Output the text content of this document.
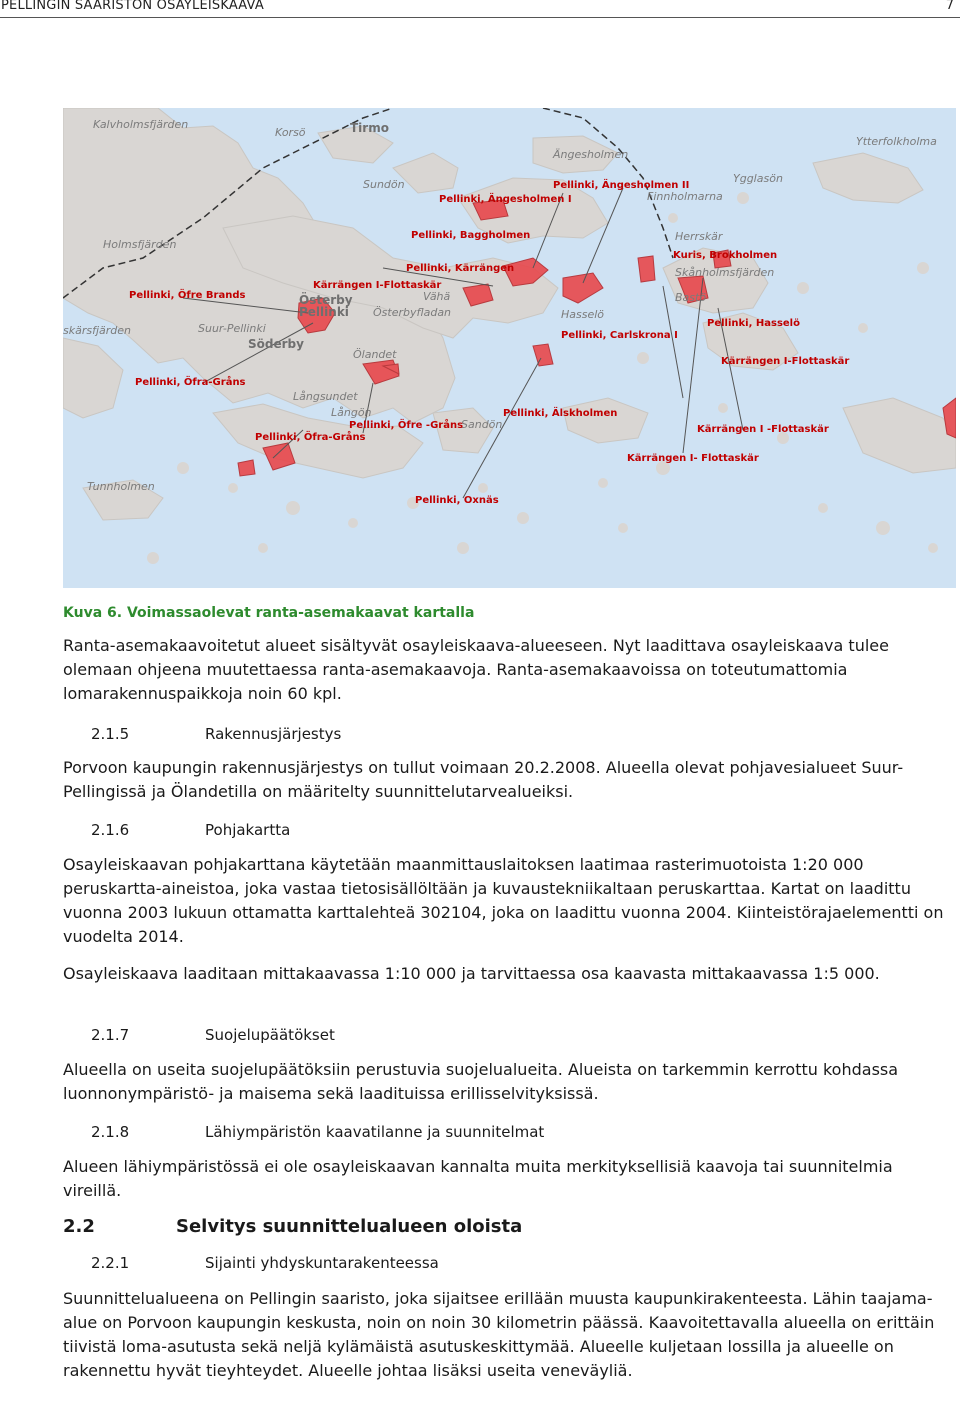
PELLINGIN SAARISTON OSAYLEISKAAVA	7
Kalvholmsfjärden
Korsö	Tirmo
Ängesholmen
Ytterfolkholma
Ygglasön
Finnholmarna
Sundön
Herrskär
Skånholmsfjärden
Bastö
Holmsfjärden
Österby
Pellinki
Vähä
Österbyfladan
skärsfjärden	Suur-Pellinki
Söderby
Ölandet
Långsundet
Långön
Sandön
Hasselö
Tunnholmen
Pellinki, Ängesholmen II
Pellinki, Ängesholmen I
Pellinki, Baggholmen
Pellinki, Kärrängen
Pellinki, Öfre Brands
Kärrängen I-Flottaskär
Kuris, Brokholmen
Pellinki, Hasselö
Pellinki, Carlskrona I
Kärrängen I-Flottaskär
Pellinki, Öfra-Gråns
Pellinki, Älskholmen
Pellinki, Öfre -Gråns	Kärrängen I -Flottaskär
Pellinki, Öfra-Gråns
Kärrängen I- Flottaskär
Pellinki, Oxnäs
Kuva 6. Voimassaolevat ranta-asemakaavat kartalla

Ranta-asemakaavoitetut alueet sisältyvät osayleiskaava-alueeseen. Nyt laadittava osayleiskaava tulee olemaan ohjeena muutettaessa ranta-asemakaavoja. Ranta-asemakaavoissa on toteutumattomia lomarakennuspaikkoja noin 60 kpl.

2.1.5	Rakennusjärjestys

Porvoon kaupungin rakennusjärjestys on tullut voimaan 20.2.2008. Alueella olevat pohjavesialueet Suur-Pellingissä ja Ölandetilla on määritelty suunnittelutarvealueiksi.

2.1.6	Pohjakartta

Osayleiskaavan pohjakarttana käytetään maanmittauslaitoksen laatimaa rasterimuotoista 1:20 000 peruskartta-aineistoa, joka vastaa tietosisällöltään ja kuvaustekniikaltaan peruskarttaa. Kartat on laadittu vuonna 2003 lukuun ottamatta karttalehteä 302104, joka on laadittu vuonna 2004. Kiinteistörajaelementti on vuodelta 2014.

Osayleiskaava laaditaan mittakaavassa 1:10 000 ja tarvittaessa osa kaavasta mittakaavassa 1:5 000.

2.1.7	Suojelupäätökset

Alueella on useita suojelupäätöksiin perustuvia suojelualueita. Alueista on tarkemmin kerrottu kohdassa luonnonympäristö- ja maisema sekä laadituissa erillisselvityksissä.

2.1.8	Lähiympäristön kaavatilanne ja suunnitelmat

Alueen lähiympäristössä ei ole osayleiskaavan kannalta muita merkityksellisiä kaavoja tai suunnitelmia vireillä.

2.2	Selvitys suunnittelualueen oloista
2.2.1	Sijainti yhdyskuntarakenteessa

Suunnittelualueena on Pellingin saaristo, joka sijaitsee erillään muusta kaupunkirakenteesta. Lähin taajama-alue on Porvoon kaupungin keskusta, noin on noin 30 kilometrin päässä. Kaavoitettavalla alueella on erittäin tiivistä loma-asutusta sekä neljä kylämäistä asutuskeskittymää. Alueelle kuljetaan lossilla ja alueelle on rakennettu hyvät tieyhteydet. Alueelle johtaa lisäksi useita veneväyliä.
